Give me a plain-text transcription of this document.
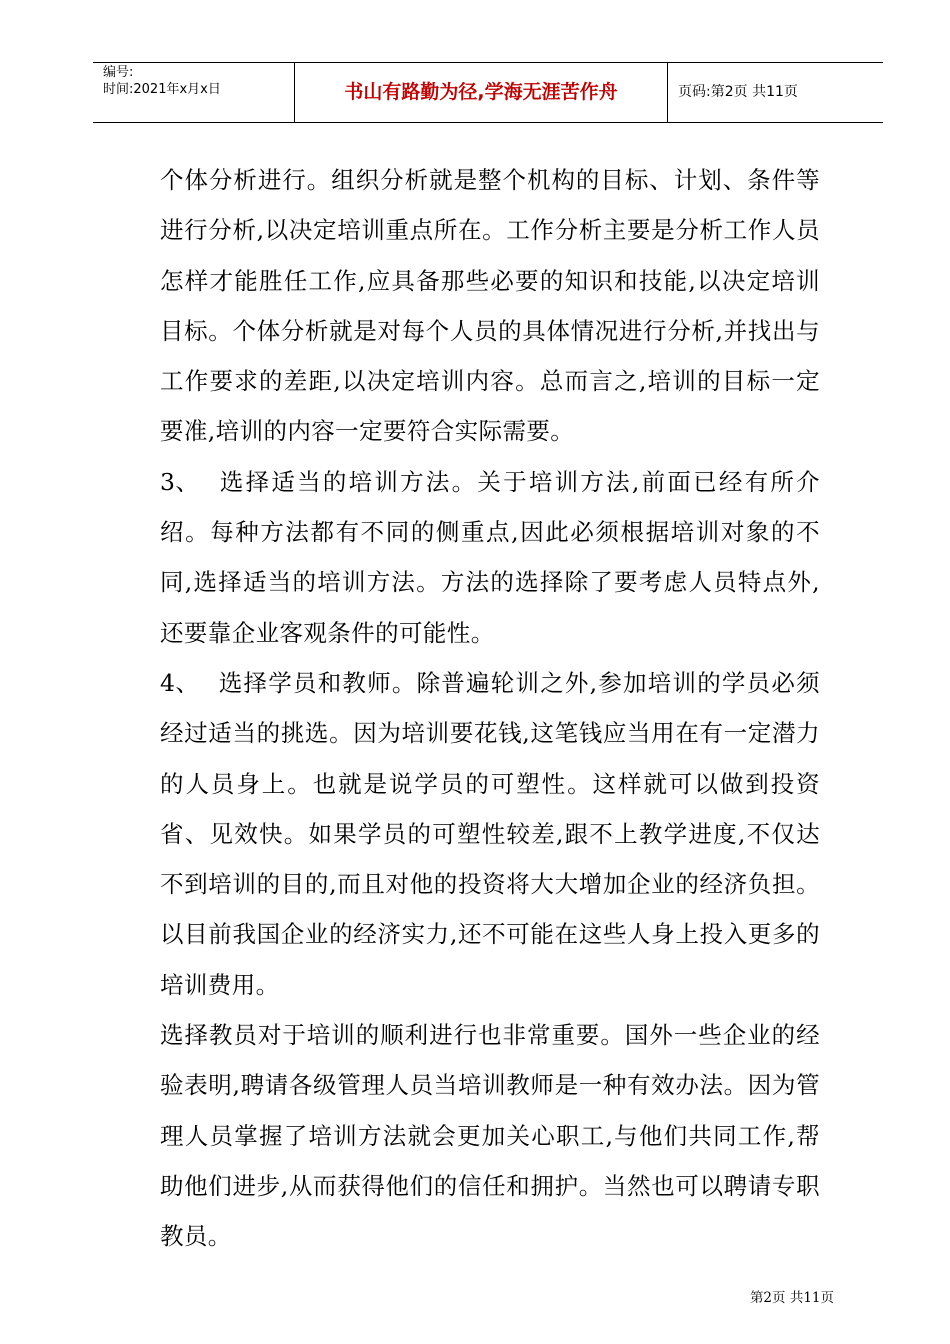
编号:
时间:2021年x月x日	书山有路勤为径,学海无涯苦作舟	页码:第2页 共11页

个体分析进行。组织分析就是整个机构的目标、计划、条件等进行分析,以决定培训重点所在。工作分析主要是分析工作人员怎样才能胜任工作,应具备那些必要的知识和技能,以决定培训目标。个体分析就是对每个人员的具体情况进行分析,并找出与工作要求的差距,以决定培训内容。总而言之,培训的目标一定要准,培训的内容一定要符合实际需要。

3、 选择适当的培训方法。关于培训方法,前面已经有所介绍。每种方法都有不同的侧重点,因此必须根据培训对象的不同,选择适当的培训方法。方法的选择除了要考虑人员特点外,还要靠企业客观条件的可能性。

4、 选择学员和教师。除普遍轮训之外,参加培训的学员必须经过适当的挑选。因为培训要花钱,这笔钱应当用在有一定潜力的人员身上。也就是说学员的可塑性。这样就可以做到投资省、见效快。如果学员的可塑性较差,跟不上教学进度,不仅达不到培训的目的,而且对他的投资将大大增加企业的经济负担。以目前我国企业的经济实力,还不可能在这些人身上投入更多的培训费用。

选择教员对于培训的顺利进行也非常重要。国外一些企业的经验表明,聘请各级管理人员当培训教师是一种有效办法。因为管理人员掌握了培训方法就会更加关心职工,与他们共同工作,帮助他们进步,从而获得他们的信任和拥护。当然也可以聘请专职教员。

第2页 共11页
